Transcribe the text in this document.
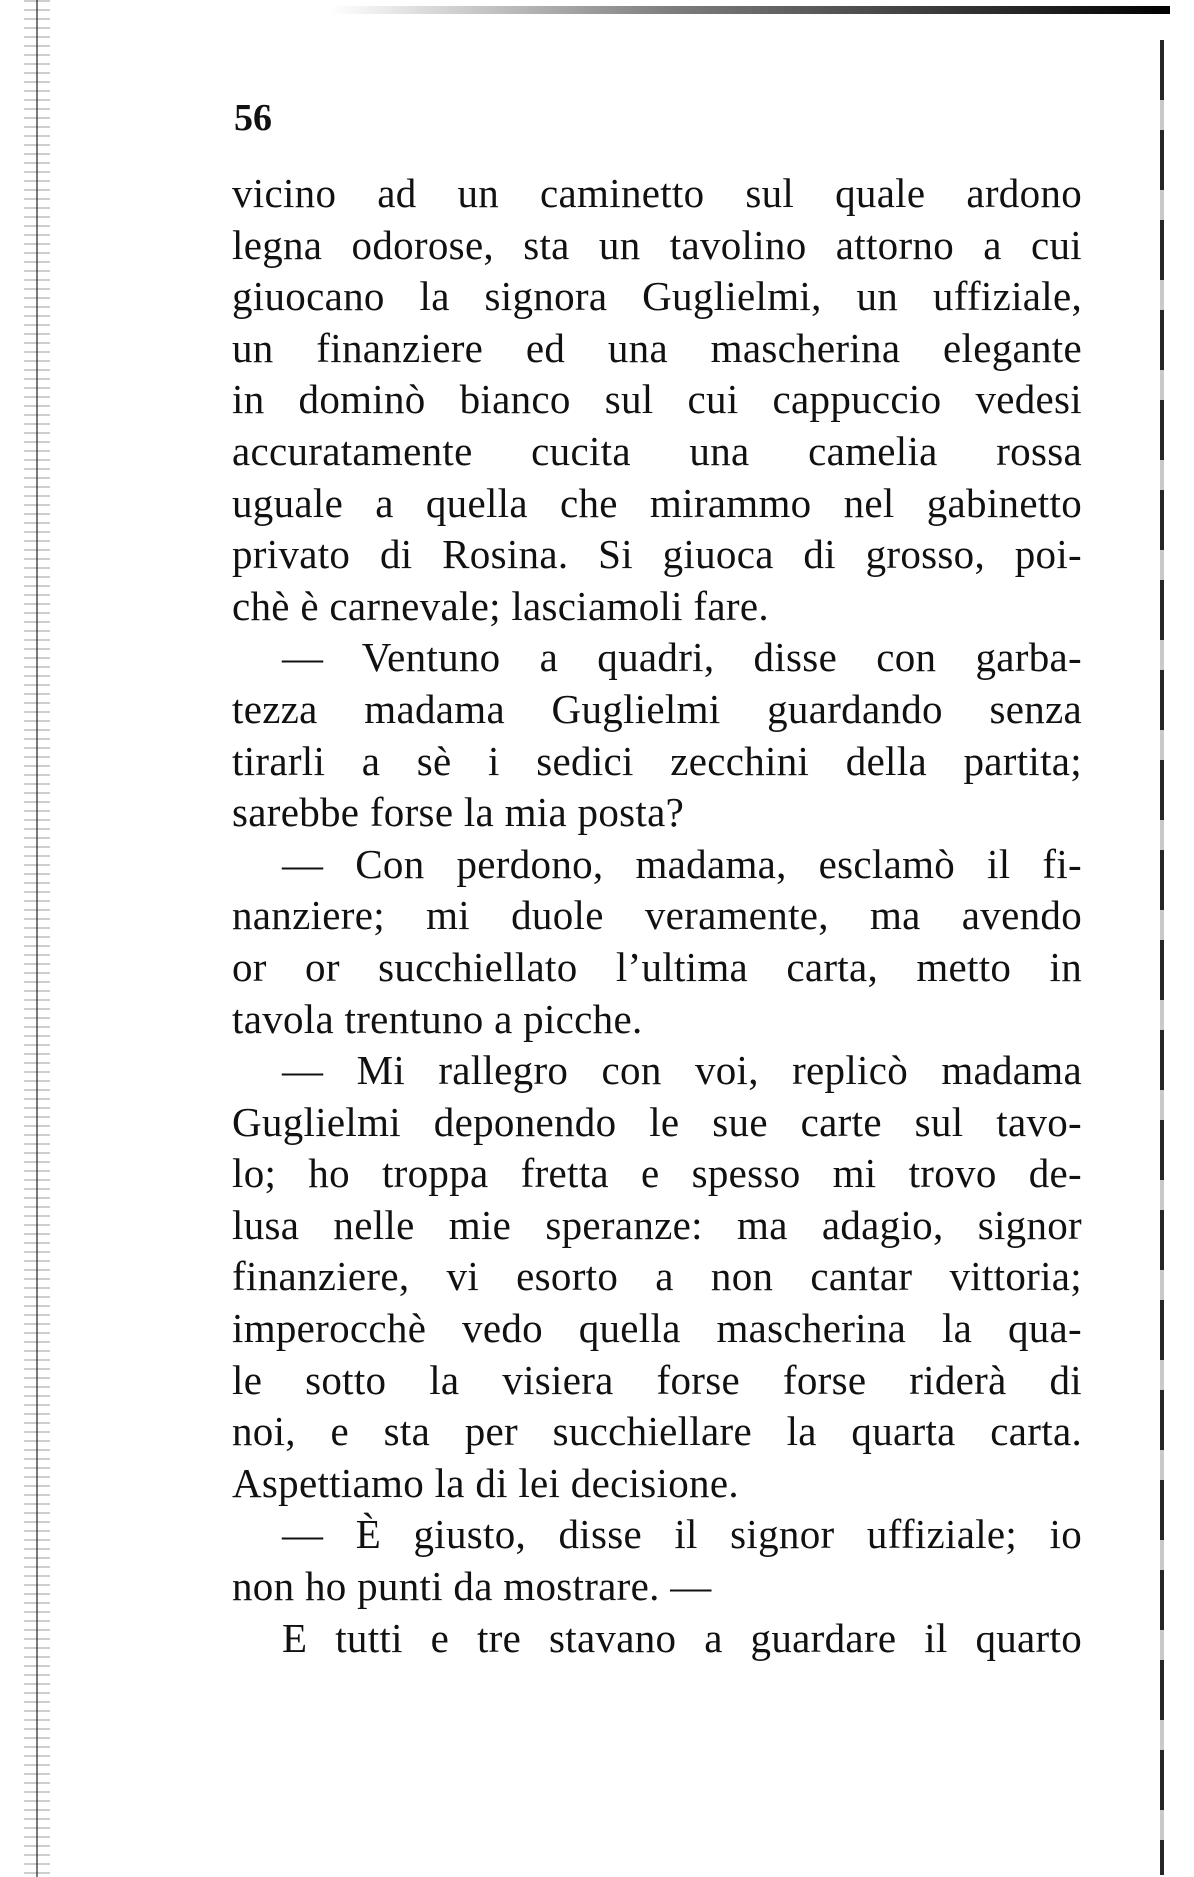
56
vicino ad un caminetto sul quale ardono
legna odorose, sta un tavolino attorno a cui
giuocano la signora Guglielmi, un uffiziale,
un finanziere ed una mascherina elegante
in dominò bianco sul cui cappuccio vedesi
accuratamente cucita una camelia rossa
uguale a quella che mirammo nel gabinetto
privato di Rosina. Si giuoca di grosso, poi-
chè è carnevale; lasciamoli fare.
— Ventuno a quadri, disse con garba-
tezza madama Guglielmi guardando senza
tirarli a sè i sedici zecchini della partita;
sarebbe forse la mia posta?
— Con perdono, madama, esclamò il fi-
nanziere; mi duole veramente, ma avendo
or or succhiellato l’ultima carta, metto in
tavola trentuno a picche.
— Mi rallegro con voi, replicò madama
Guglielmi deponendo le sue carte sul tavo-
lo; ho troppa fretta e spesso mi trovo de-
lusa nelle mie speranze: ma adagio, signor
finanziere, vi esorto a non cantar vittoria;
imperocchè vedo quella mascherina la qua-
le sotto la visiera forse forse riderà di
noi, e sta per succhiellare la quarta carta.
Aspettiamo la di lei decisione.
— È giusto, disse il signor uffiziale; io
non ho punti da mostrare. —
E tutti e tre stavano a guardare il quarto
